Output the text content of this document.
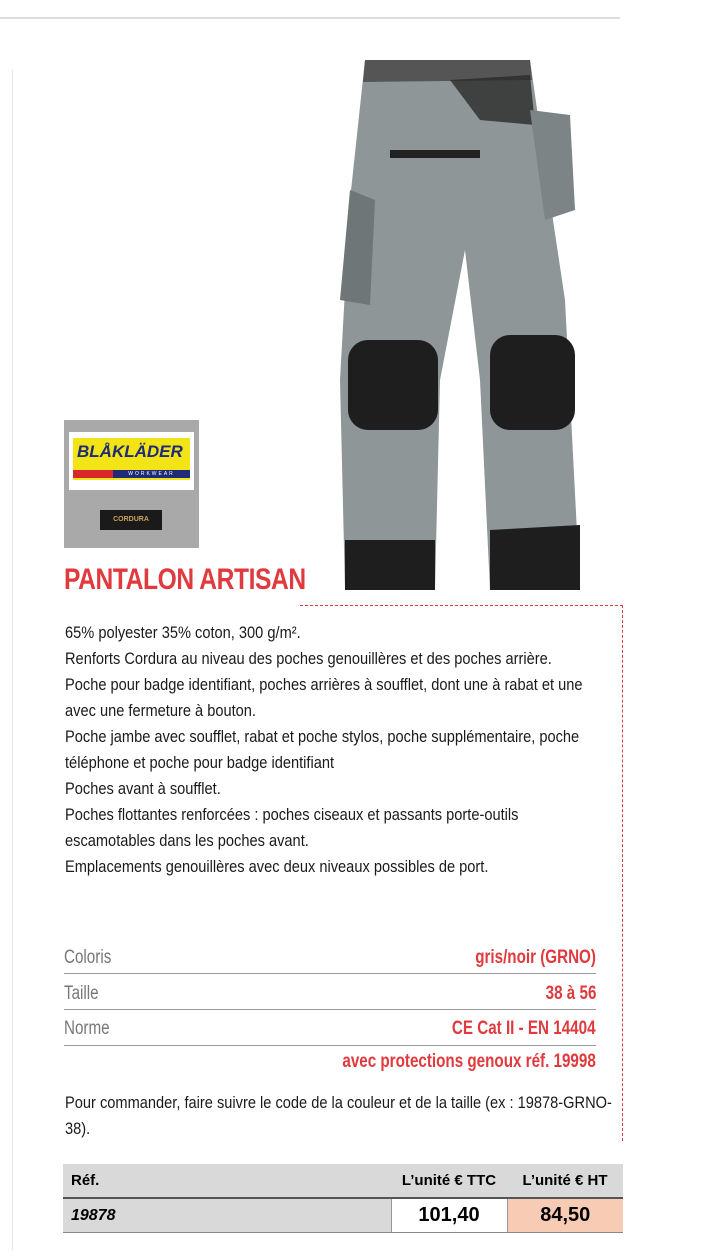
BLÅKLÄDER
WORKWEAR
CORDURA
PANTALON ARTISAN
65% polyester 35% coton, 300 g/m².
Renforts Cordura au niveau des poches genouillères et des poches arrière.
Poche pour badge identifiant, poches arrières à soufflet, dont une à rabat et une avec une fermeture à bouton.
Poche jambe avec soufflet, rabat et poche stylos, poche supplémentaire, poche téléphone et poche pour badge identifiant
Poches avant à soufflet.
Poches flottantes renforcées : poches ciseaux et passants porte-outils escamotables dans les poches avant.
Emplacements genouillères avec deux niveaux possibles de port.
Coloris	gris/noir (GRNO)
Taille	38 à 56
Norme	CE Cat II - EN 14404
avec protections genoux réf. 19998
Pour commander, faire suivre le code de la couleur et de la taille (ex : 19878-GRNO-38).
Réf.	L’unité € TTC	L’unité € HT
19878	101,40	84,50
